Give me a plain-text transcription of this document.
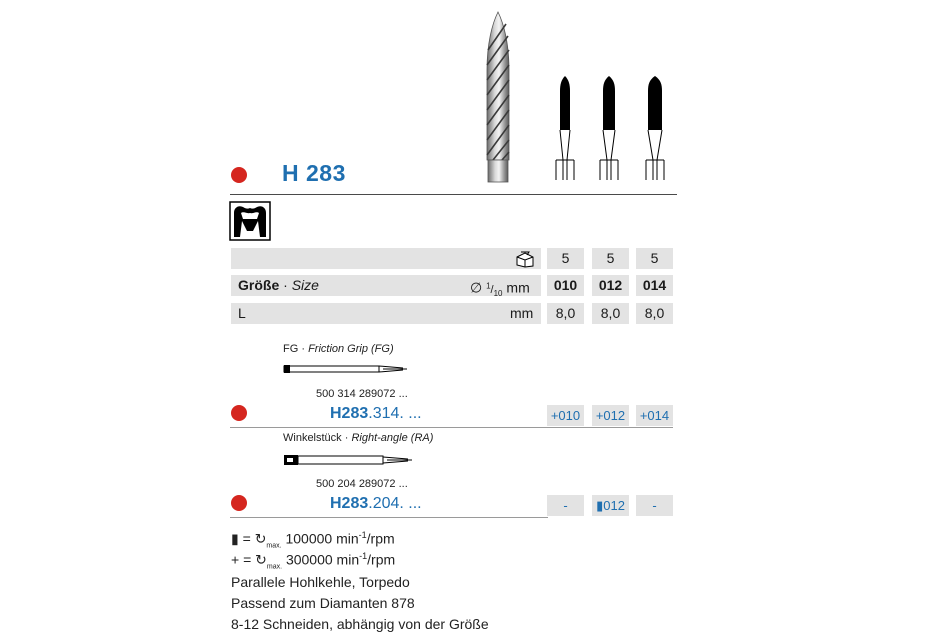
H 283
5	5	5
Größe · Size	∅ $^1/_{10}$ mm	010	012	014
L	mm	8,0	8,0	8,0
FG · Friction Grip (FG)
500 314 289072 ...
H283.314. ...	+010 +012 +014
Winkelstück · Right-angle (RA)
500 204 289072 ...
H283.204. ...	-	▮012	-
▮ = $↻_{max.}$ 100000 $\min^{-1}$/rpm
+ = $↻_{max.}$ 300000 $\min^{-1}$/rpm
Parallele Hohlkehle, Torpedo
Passend zum Diamanten 878
8-12 Schneiden, abhängig von der Größe
